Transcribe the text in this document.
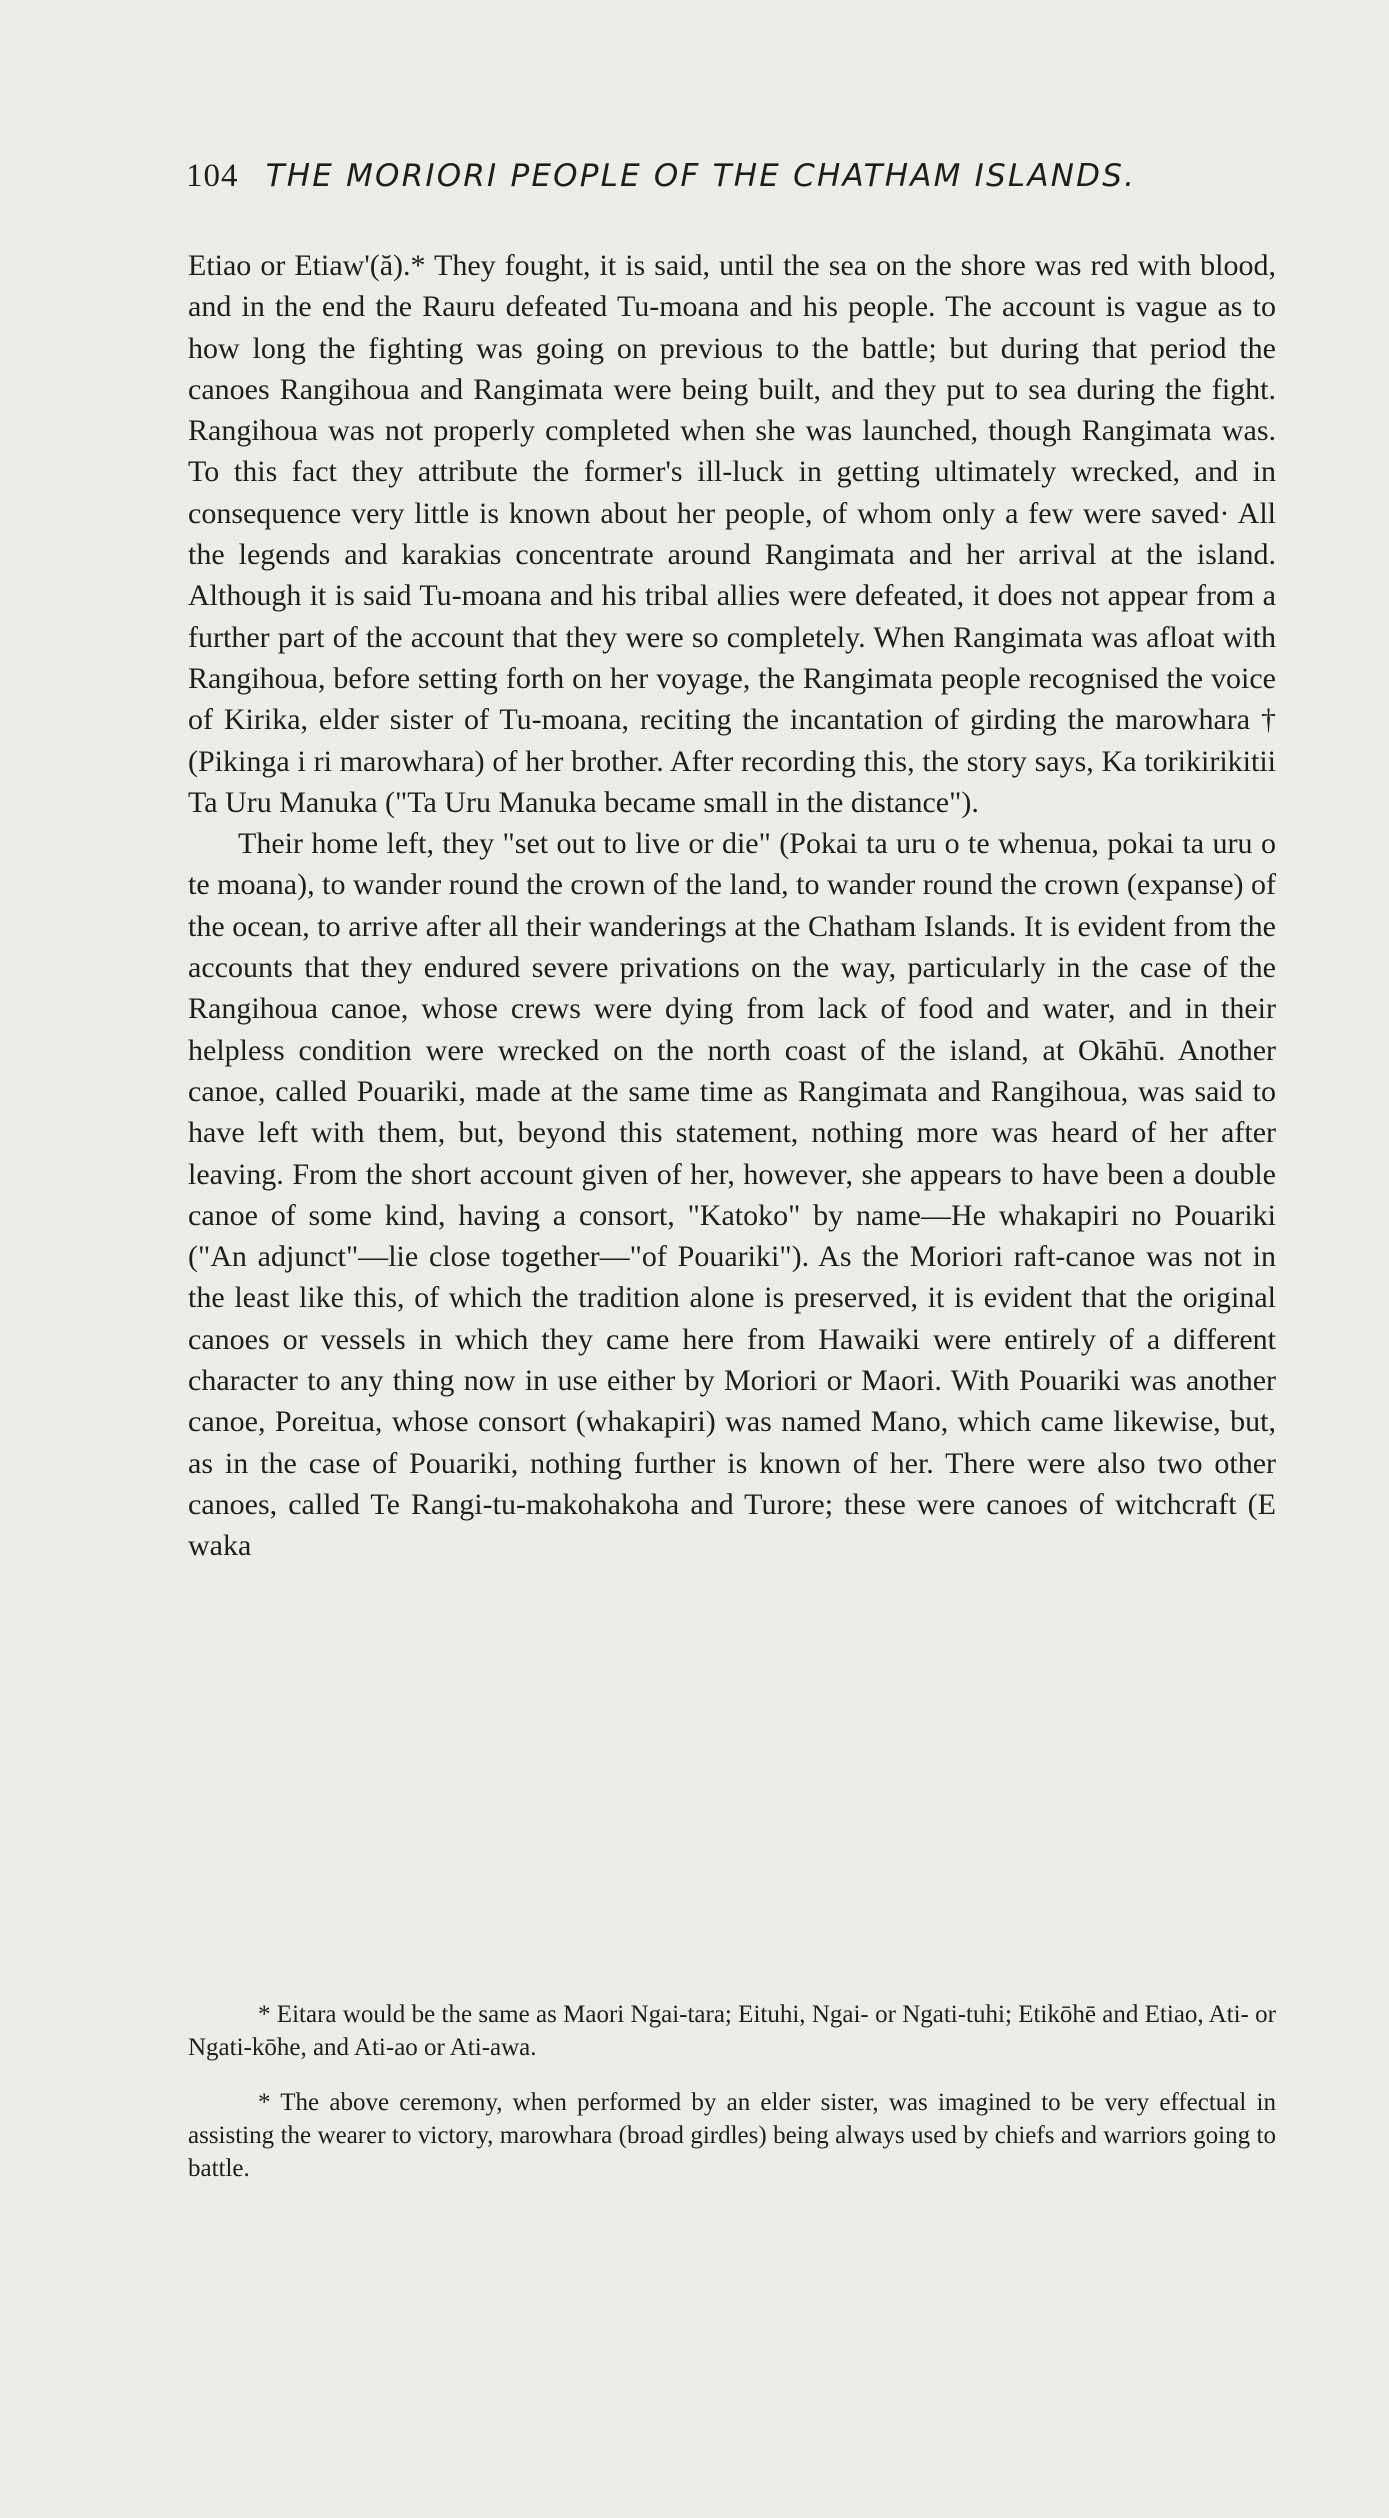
104 THE MORIORI PEOPLE OF THE CHATHAM ISLANDS.

Etiao or Etiaw'(ă).* They fought, it is said, until the sea on the shore was red with blood, and in the end the Rauru defeated Tu-moana and his people. The account is vague as to how long the fighting was going on previous to the battle; but during that period the canoes Rangihoua and Rangimata were being built, and they put to sea during the fight. Rangihoua was not properly completed when she was launched, though Rangimata was. To this fact they attribute the former's ill-luck in getting ultimately wrecked, and in consequence very little is known about her people, of whom only a few were saved· All the legends and karakias concentrate around Rangimata and her arrival at the island. Although it is said Tu-moana and his tribal allies were defeated, it does not appear from a further part of the account that they were so completely. When Rangimata was afloat with Rangihoua, before setting forth on her voyage, the Rangimata people recognised the voice of Kirika, elder sister of Tu-moana, reciting the incantation of girding the marowhara † (Pikinga i ri marowhara) of her brother. After recording this, the story says, Ka torikirikitii Ta Uru Manuka ("Ta Uru Manuka became small in the distance").

Their home left, they "set out to live or die" (Pokai ta uru o te whenua, pokai ta uru o te moana), to wander round the crown of the land, to wander round the crown (expanse) of the ocean, to arrive after all their wanderings at the Chatham Islands. It is evident from the accounts that they endured severe privations on the way, particularly in the case of the Rangihoua canoe, whose crews were dying from lack of food and water, and in their helpless condition were wrecked on the north coast of the island, at Okāhū. Another canoe, called Pouariki, made at the same time as Rangimata and Rangihoua, was said to have left with them, but, beyond this statement, nothing more was heard of her after leaving. From the short account given of her, however, she appears to have been a double canoe of some kind, having a consort, "Katoko" by name—He whakapiri no Pouariki ("An adjunct"—lie close together—"of Pouariki"). As the Moriori raft-canoe was not in the least like this, of which the tradition alone is preserved, it is evident that the original canoes or vessels in which they came here from Hawaiki were entirely of a different character to any thing now in use either by Moriori or Maori. With Pouariki was another canoe, Poreitua, whose consort (whakapiri) was named Mano, which came likewise, but, as in the case of Pouariki, nothing further is known of her. There were also two other canoes, called Te Rangi-tu-makohakoha and Turore; these were canoes of witchcraft (E waka

* Eitara would be the same as Maori Ngai-tara; Eituhi, Ngai- or Ngati-tuhi; Etikōhē and Etiao, Ati- or Ngati-kōhe, and Ati-ao or Ati-awa.

* The above ceremony, when performed by an elder sister, was imagined to be very effectual in assisting the wearer to victory, marowhara (broad girdles) being always used by chiefs and warriors going to battle.
